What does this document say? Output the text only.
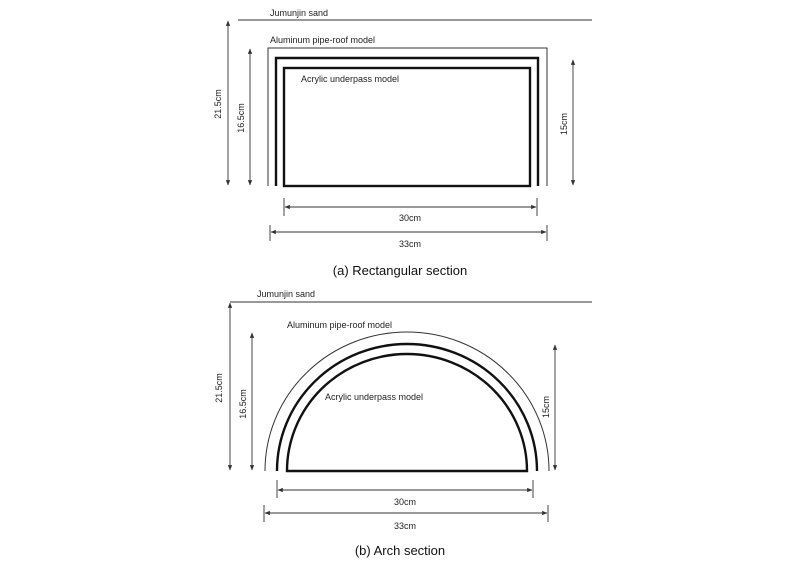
Jumunjin sand
Aluminum pipe-roof model
Acrylic underpass model
21.5cm 16.5cm	15cm
30cm
33cm
(a) Rectangular section
Jumunjin sand
Aluminum pipe-roof model
Acrylic underpass model
21.5cm
16.5cm	15cm
30cm
33cm
(b) Arch section
